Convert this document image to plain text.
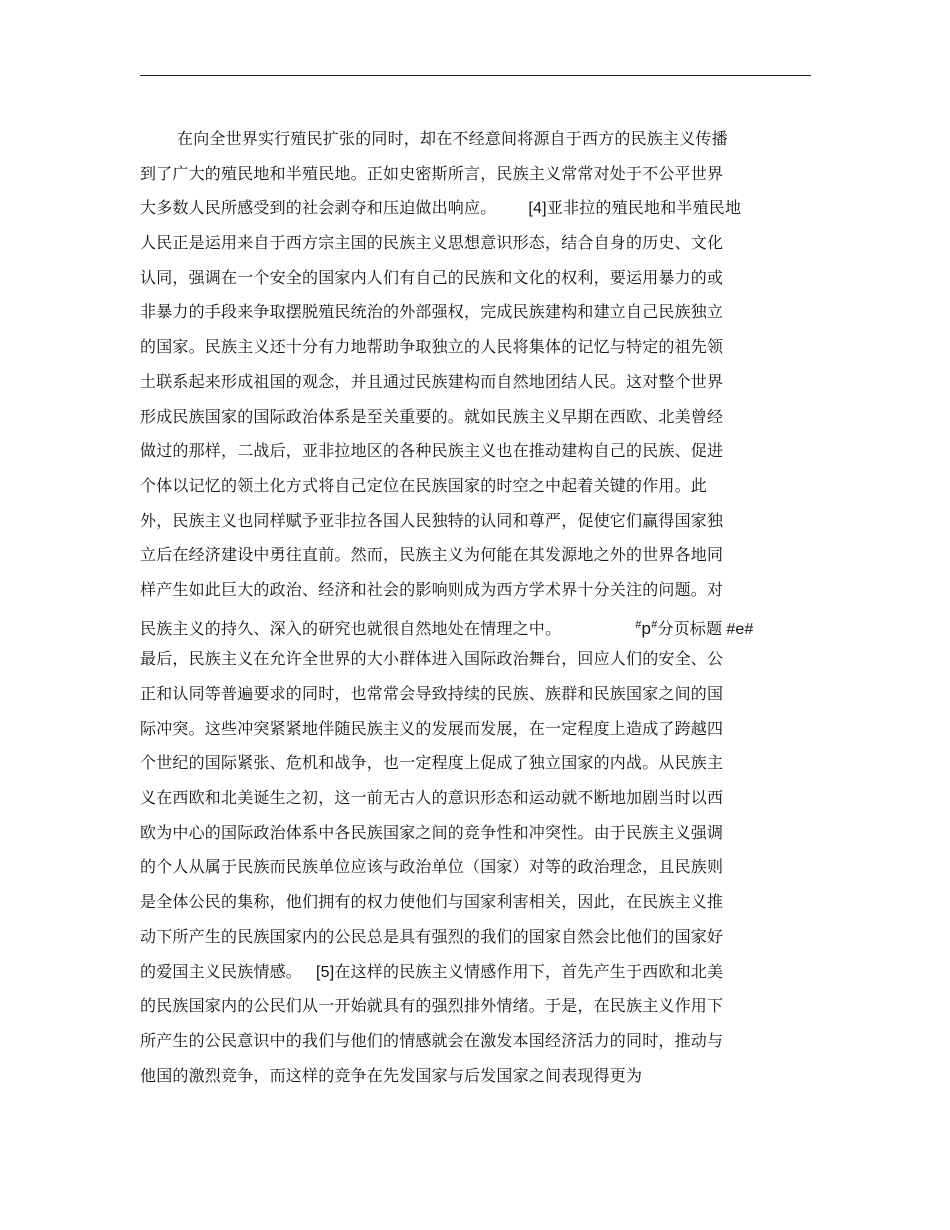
在向全世界实行殖民扩张的同时，却在不经意间将源自于西方的民族主义传播
到了广大的殖民地和半殖民地。正如史密斯所言，民族主义常常对处于不公平世界
大多数人民所感受到的社会剥夺和压迫做出响应。 [4]亚非拉的殖民地和半殖民地
人民正是运用来自于西方宗主国的民族主义思想意识形态，结合自身的历史、文化
认同，强调在一个安全的国家内人们有自己的民族和文化的权利，要运用暴力的或
非暴力的手段来争取摆脱殖民统治的外部强权，完成民族建构和建立自己民族独立
的国家。民族主义还十分有力地帮助争取独立的人民将集体的记忆与特定的祖先领
土联系起来形成祖国的观念，并且通过民族建构而自然地团结人民。这对整个世界
形成民族国家的国际政治体系是至关重要的。就如民族主义早期在西欧、北美曾经
做过的那样，二战后，亚非拉地区的各种民族主义也在推动建构自己的民族、促进
个体以记忆的领土化方式将自己定位在民族国家的时空之中起着关键的作用。此
外，民族主义也同样赋予亚非拉各国人民独特的认同和尊严，促使它们赢得国家独
立后在经济建设中勇往直前。然而，民族主义为何能在其发源地之外的世界各地同
样产生如此巨大的政治、经济和社会的影响则成为西方学术界十分关注的问题。对
民族主义的持久、深入的研究也就很自然地处在情理之中。	#p#分页标题 #e#
最后，民族主义在允许全世界的大小群体进入国际政治舞台，回应人们的安全、公
正和认同等普遍要求的同时，也常常会导致持续的民族、族群和民族国家之间的国
际冲突。这些冲突紧紧地伴随民族主义的发展而发展，在一定程度上造成了跨越四
个世纪的国际紧张、危机和战争，也一定程度上促成了独立国家的内战。从民族主
义在西欧和北美诞生之初，这一前无古人的意识形态和运动就不断地加剧当时以西
欧为中心的国际政治体系中各民族国家之间的竞争性和冲突性。由于民族主义强调
的个人从属于民族而民族单位应该与政治单位（国家）对等的政治理念，且民族则
是全体公民的集称，他们拥有的权力使他们与国家利害相关，因此，在民族主义推
动下所产生的民族国家内的公民总是具有强烈的我们的国家自然会比他们的国家好
的爱国主义民族情感。 [5]在这样的民族主义情感作用下，首先产生于西欧和北美
的民族国家内的公民们从一开始就具有的强烈排外情绪。于是，在民族主义作用下
所产生的公民意识中的我们与他们的情感就会在激发本国经济活力的同时，推动与
他国的激烈竞争，而这样的竞争在先发国家与后发国家之间表现得更为
